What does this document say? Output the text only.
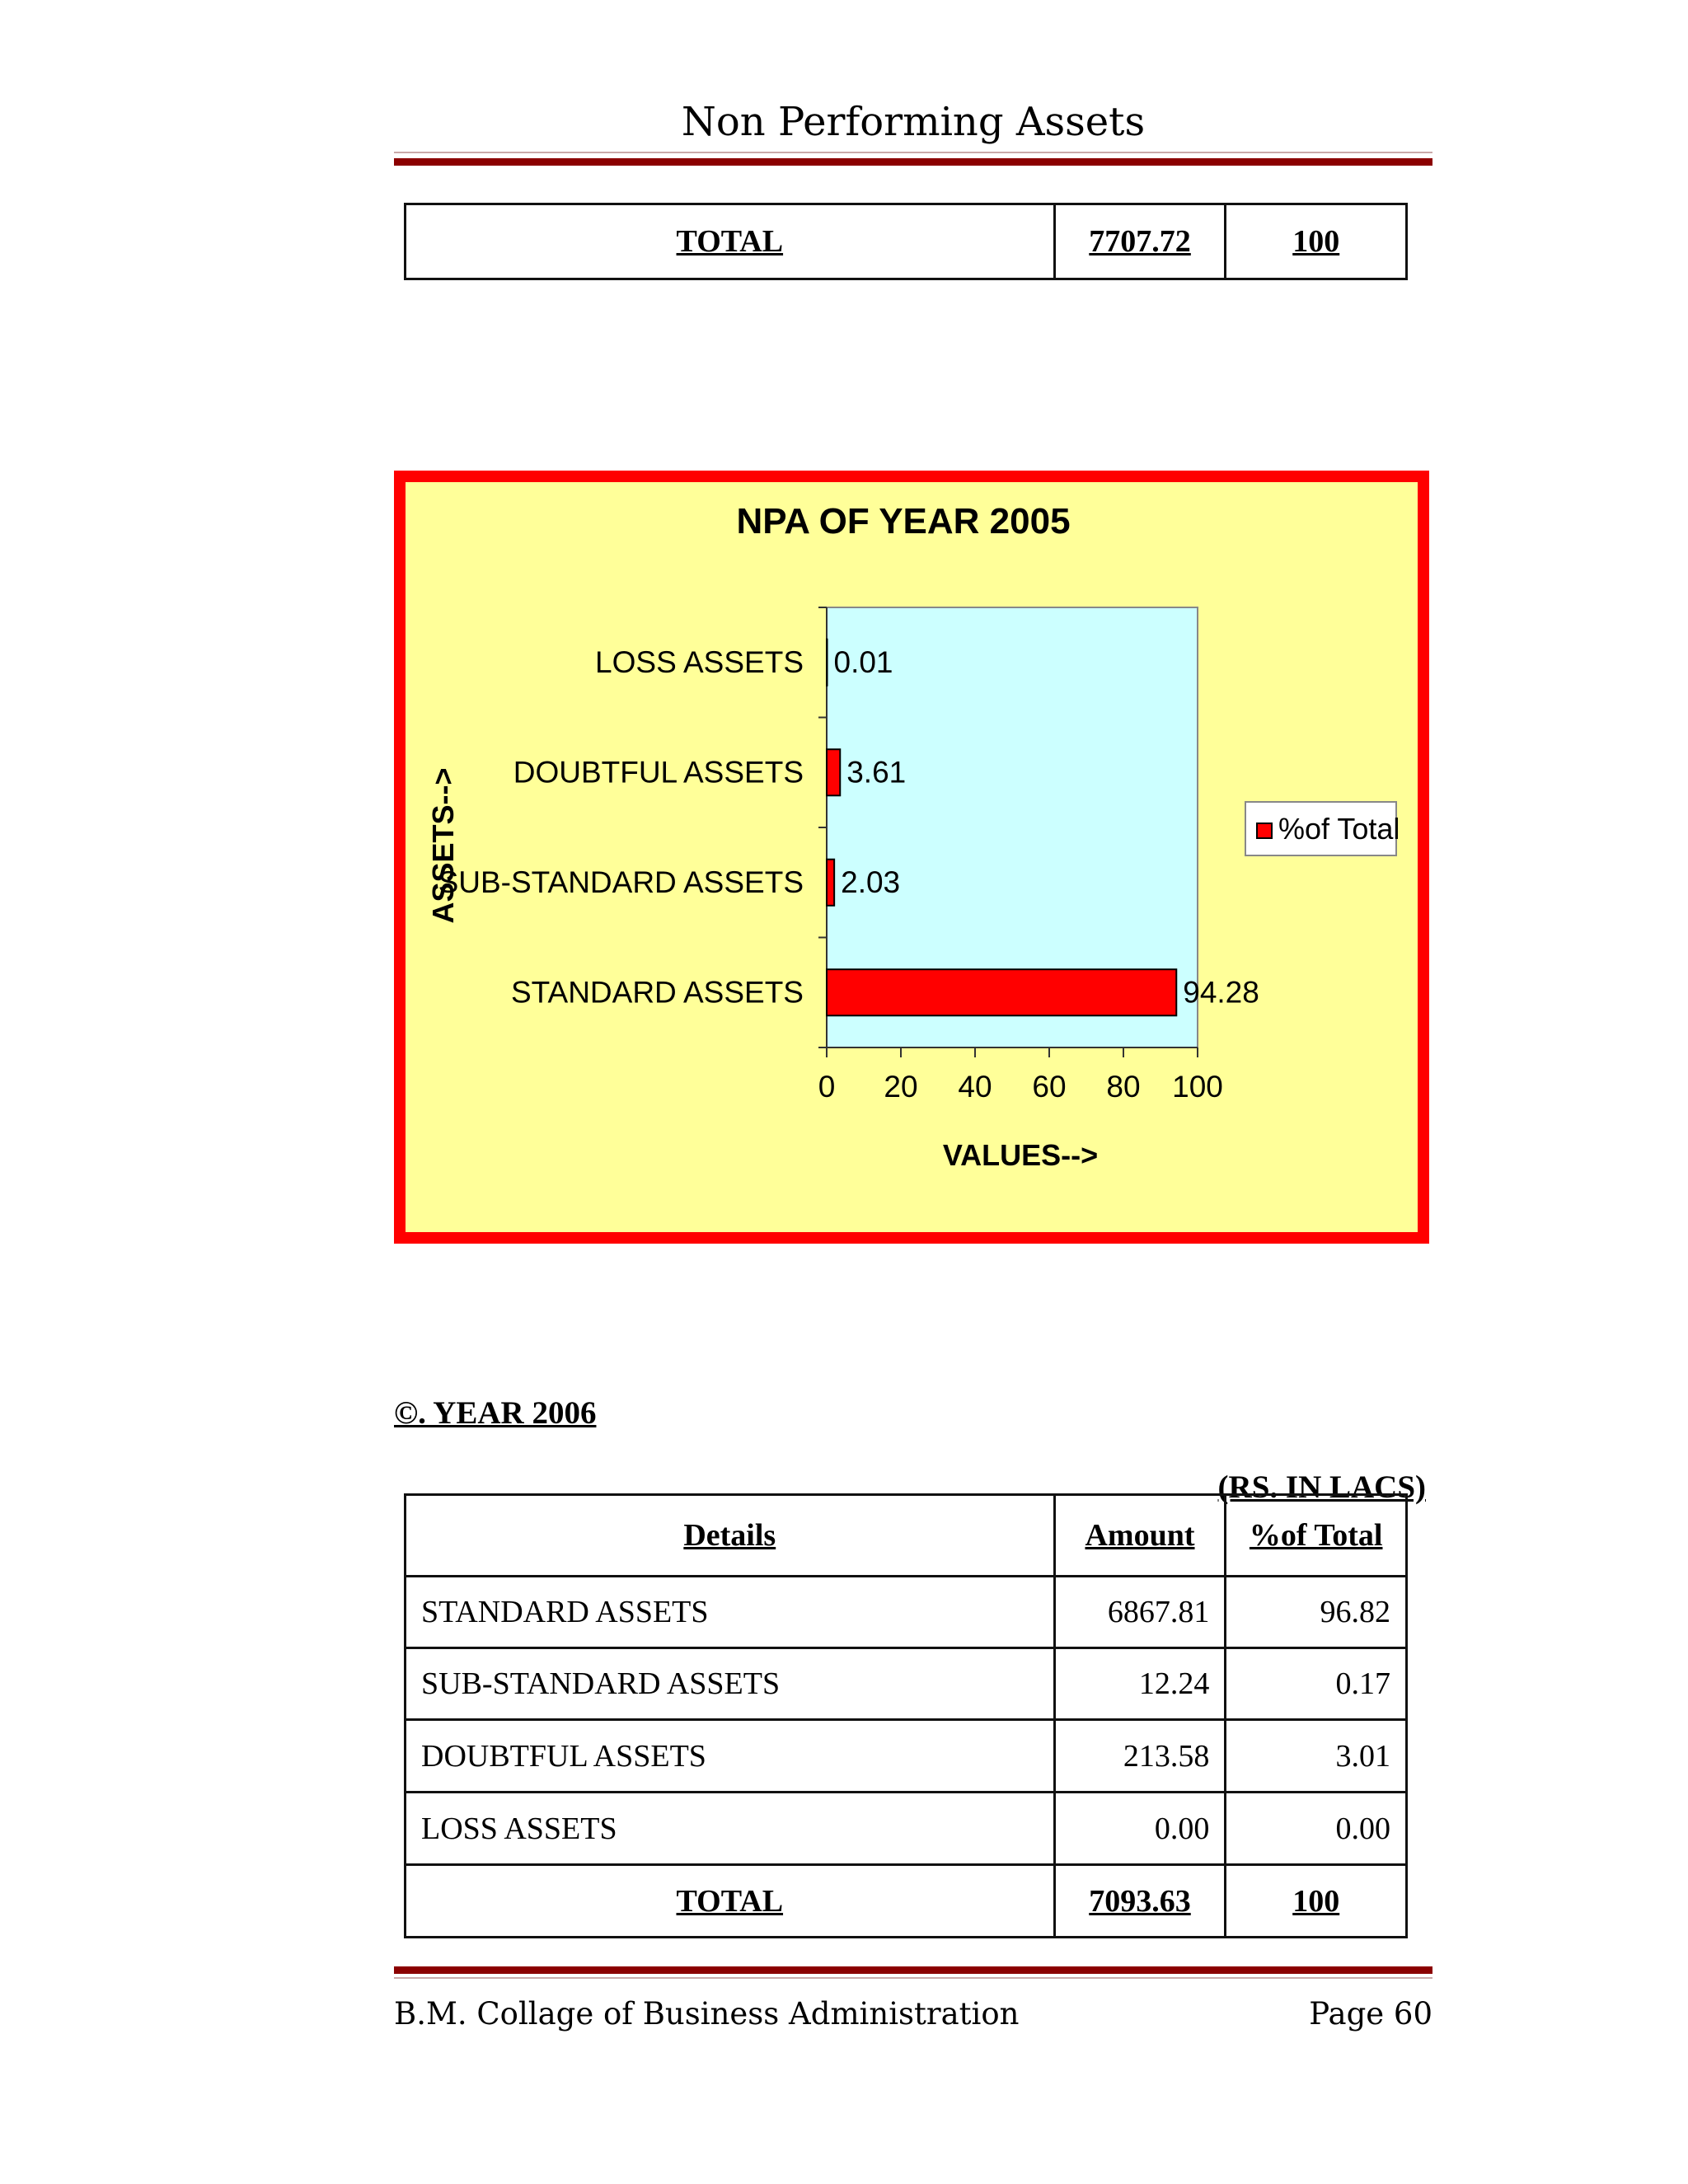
Non Performing Assets
TOTAL	7707.72	100
NPA OF YEAR 2005
LOSS ASSETS
DOUBTFUL ASSETS
SUB-STANDARD ASSETS
STANDARD ASSETS
0.01
3.61
2.03
94.28
0 20 40 60 80 100
VALUES-->
ASSETS-->	%of Total
©. YEAR 2006
(RS. IN LACS)
Details	Amount	%of Total
STANDARD ASSETS	6867.81	96.82
SUB-STANDARD ASSETS	12.24	0.17
DOUBTFUL ASSETS	213.58	3.01
LOSS ASSETS	0.00	0.00
TOTAL	7093.63	100
B.M. Collage of Business Administration	Page 60
